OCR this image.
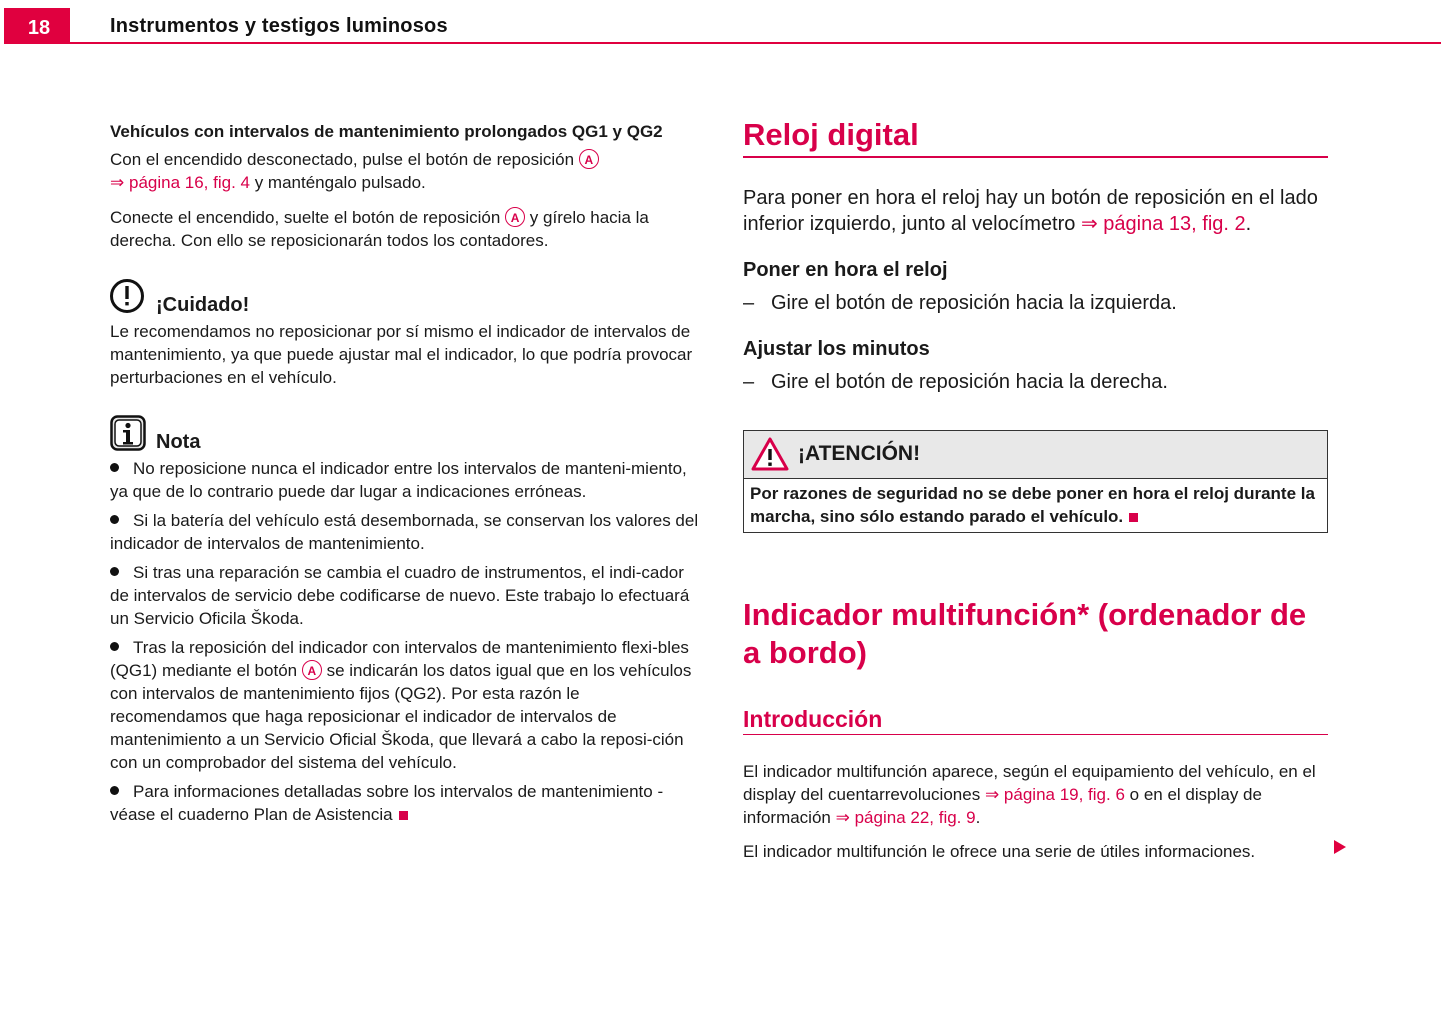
18	Instrumentos y testigos luminosos
Vehículos con intervalos de mantenimiento prolongados QG1 y QG2

Con el encendido desconectado, pulse el botón de reposición A
⇒ página 16, fig. 4 y manténgalo pulsado.

Conecte el encendido, suelte el botón de reposición A y gírelo hacia la derecha. Con ello se reposicionarán todos los contadores.

¡Cuidado!

Le recomendamos no reposicionar por sí mismo el indicador de intervalos de mantenimiento, ya que puede ajustar mal el indicador, lo que podría provocar perturbaciones en el vehículo.

Nota

No reposicione nunca el indicador entre los intervalos de manteni-miento, ya que de lo contrario puede dar lugar a indicaciones erróneas.

Si la batería del vehículo está desembornada, se conservan los valores del indicador de intervalos de mantenimiento.

Si tras una reparación se cambia el cuadro de instrumentos, el indi-cador de intervalos de servicio debe codificarse de nuevo. Este trabajo lo efectuará un Servicio Oficila Škoda.

Tras la reposición del indicador con intervalos de mantenimiento flexi-bles (QG1) mediante el botón A se indicarán los datos igual que en los vehículos con intervalos de mantenimiento fijos (QG2). Por esta razón le recomendamos que haga reposicionar el indicador de intervalos de mantenimiento a un Servicio Oficial Škoda, que llevará a cabo la reposi-ción con un comprobador del sistema del vehículo.

Para informaciones detalladas sobre los intervalos de mantenimiento - véase el cuaderno Plan de Asistencia

Reloj digital

Para poner en hora el reloj hay un botón de reposición en el lado inferior izquierdo, junto al velocímetro ⇒ página 13, fig. 2.

Poner en hora el reloj

– Gire el botón de reposición hacia la izquierda.

Ajustar los minutos

– Gire el botón de reposición hacia la derecha.

¡ATENCIÓN!
Por razones de seguridad no se debe poner en hora el reloj durante la marcha, sino sólo estando parado el vehículo.
Indicador multifunción* (ordenador de a bordo)
Introducción

El indicador multifunción aparece, según el equipamiento del vehículo, en el display del cuentarrevoluciones ⇒ página 19, fig. 6 o en el display de información ⇒ página 22, fig. 9.

El indicador multifunción le ofrece una serie de útiles informaciones.
